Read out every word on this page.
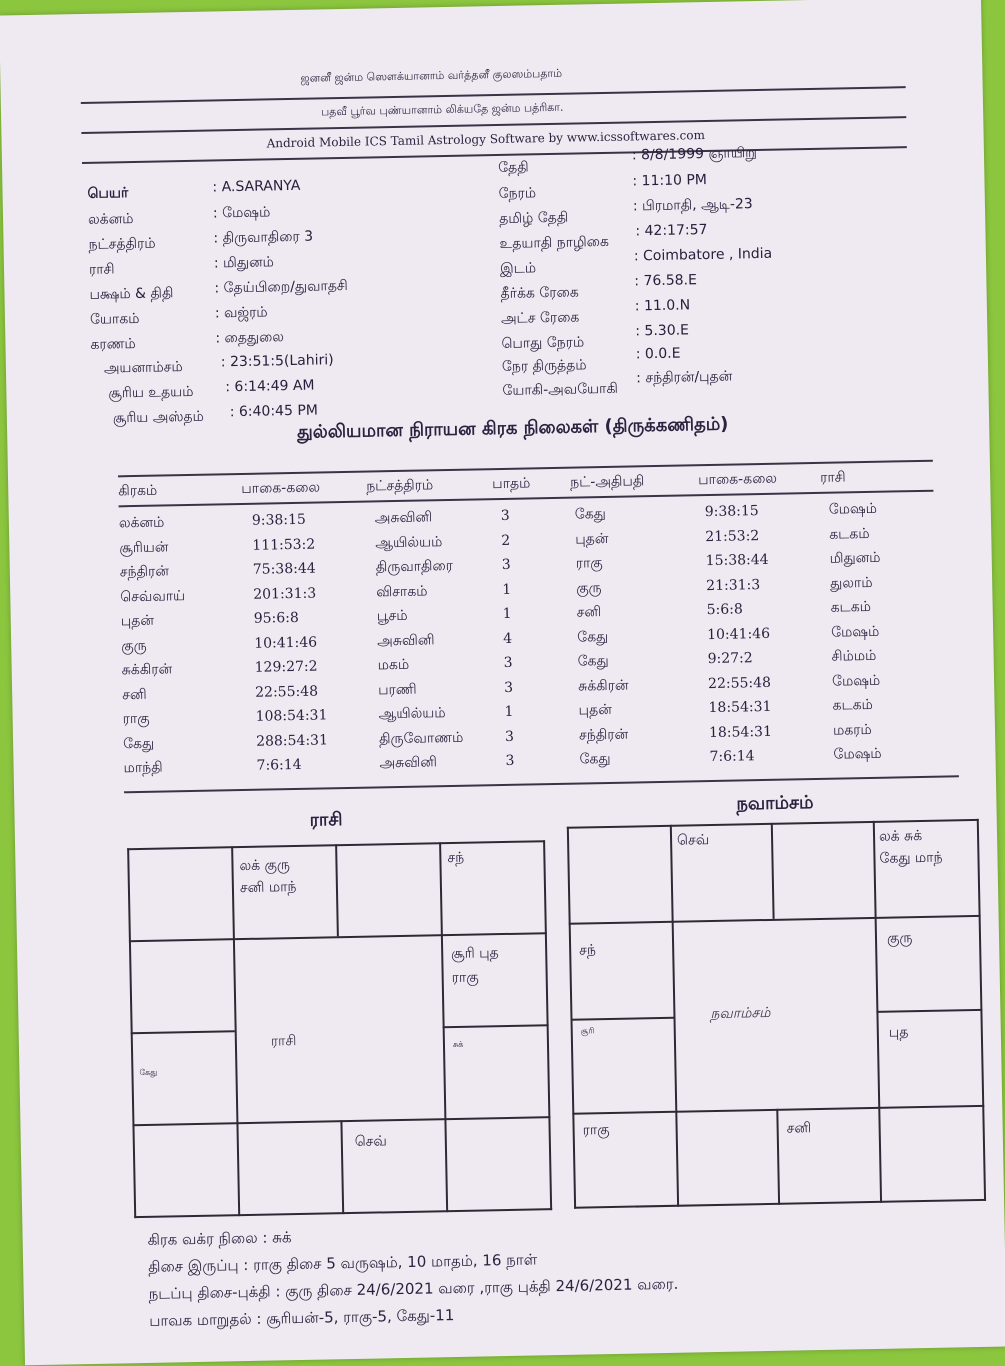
ஜனனீ ஜன்ம ஸௌக்யானாம் வர்த்தனீ குலஸம்பதாம்
பதவீ பூர்வ புண்யானாம் லிக்யதே ஜன்ம பத்ரிகா.
Android Mobile ICS Tamil Astrology Software by www.icssoftwares.com
பெயர்	: A.SARANYA
லக்னம்	: மேஷம்
நட்சத்திரம்	: திருவாதிரை 3
ராசி	: மிதுனம்
பக்ஷம் & திதி	: தேய்பிறை/துவாதசி
யோகம்	: வஜ்ரம்
கரணம்	: தைதுலை
அயனாம்சம்	: 23:51:5(Lahiri)
சூரிய உதயம் : 6:14:49 AM
சூரிய அஸ்தம் : 6:40:45 PM
தேதி
: 8/8/1999 ஞாயிறு
நேரம்
: 11:10 PM
தமிழ் தேதி
: பிரமாதி, ஆடி-23
உதயாதி நாழிகை
: 42:17:57
இடம்
: Coimbatore , India
தீர்க்க ரேகை
: 76.58.E
அட்ச ரேகை
: 11.0.N
பொது நேரம்
: 5.30.E
நேர திருத்தம்
: 0.0.E
யோகி-அவயோகி
: சந்திரன்/புதன்
துல்லியமான நிராயன கிரக நிலைகள் (திருக்கணிதம்)
கிரகம்	பாகை-கலை	நட்சத்திரம்	பாதம்	நட்-அதிபதி	பாகை-கலை	ராசி
லக்னம்	9:38:15	அசுவினி	3	கேது	9:38:15	மேஷம்
சூரியன்	111:53:2	ஆயில்யம்	2	புதன்	21:53:2	கடகம்
சந்திரன்	75:38:44	திருவாதிரை	3	ராகு	15:38:44	மிதுனம்
செவ்வாய்	201:31:3	விசாகம்	1	குரு	21:31:3	துலாம்
புதன்	95:6:8	பூசம்	1	சனி	5:6:8	கடகம்
குரு	10:41:46	அசுவினி	4	கேது	10:41:46	மேஷம்
சுக்கிரன்	129:27:2	மகம்	3	கேது	9:27:2	சிம்மம்
சனி	22:55:48	பரணி	3	சுக்கிரன்	22:55:48	மேஷம்
ராகு	108:54:31	ஆயில்யம்	1	புதன்	18:54:31	கடகம்
கேது	288:54:31	திருவோணம்	3	சந்திரன்	18:54:31	மகரம்
மாந்தி	7:6:14	அசுவினி	3	கேது	7:6:14	மேஷம்
ராசி
நவாம்சம்
லக் குரு
சனி மாந்
சந்
சூரி புத
ராகு
சுக்
கேது
செவ்
ராசி
செவ்	லக் சுக்
கேது மாந்
குரு
புத
சந்
சூரி
ராகு	சனி
நவாம்சம்
கிரக வக்ர நிலை : சுக்
திசை இருப்பு : ராகு திசை 5 வருஷம், 10 மாதம், 16 நாள்
நடப்பு திசை-புக்தி : குரு திசை 24/6/2021 வரை ,ராகு புக்தி 24/6/2021 வரை.
பாவக மாறுதல் : சூரியன்-5, ராகு-5, கேது-11
